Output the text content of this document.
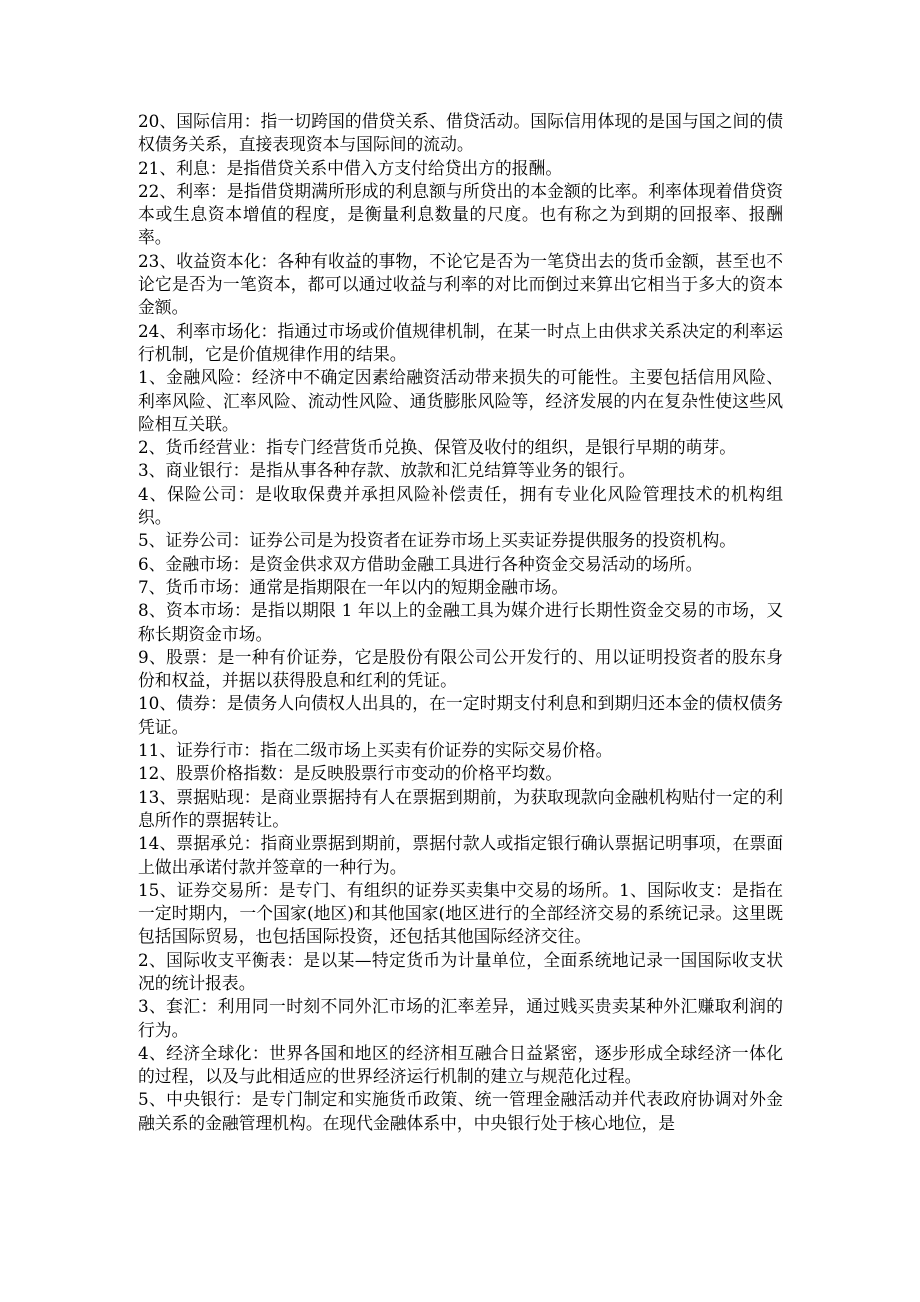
20、国际信用：指一切跨国的借贷关系、借贷活动。国际信用体现的是国与国之间的债权债务关系，直接表现资本与国际间的流动。

21、利息：是指借贷关系中借入方支付给贷出方的报酬。

22、利率：是指借贷期满所形成的利息额与所贷出的本金额的比率。利率体现着借贷资本或生息资本增值的程度，是衡量利息数量的尺度。也有称之为到期的回报率、报酬率。

23、收益资本化：各种有收益的事物，不论它是否为一笔贷出去的货币金额，甚至也不论它是否为一笔资本，都可以通过收益与利率的对比而倒过来算出它相当于多大的资本金额。

24、利率市场化：指通过市场或价值规律机制，在某一时点上由供求关系决定的利率运行机制，它是价值规律作用的结果。

1、金融风险：经济中不确定因素给融资活动带来损失的可能性。主要包括信用风险、利率风险、汇率风险、流动性风险、通货膨胀风险等，经济发展的内在复杂性使这些风险相互关联。

2、货币经营业：指专门经营货币兑换、保管及收付的组织，是银行早期的萌芽。

3、商业银行：是指从事各种存款、放款和汇兑结算等业务的银行。

4、保险公司：是收取保费并承担风险补偿责任，拥有专业化风险管理技术的机构组织。

5、证券公司：证券公司是为投资者在证券市场上买卖证券提供服务的投资机构。

6、金融市场：是资金供求双方借助金融工具进行各种资金交易活动的场所。

7、货币市场：通常是指期限在一年以内的短期金融市场。

8、资本市场：是指以期限 1 年以上的金融工具为媒介进行长期性资金交易的市场，又称长期资金市场。

9、股票：是一种有价证券，它是股份有限公司公开发行的、用以证明投资者的股东身份和权益，并据以获得股息和红利的凭证。

10、债券：是债务人向债权人出具的，在一定时期支付利息和到期归还本金的债权债务凭证。

11、证券行市：指在二级市场上买卖有价证券的实际交易价格。

12、股票价格指数：是反映股票行市变动的价格平均数。

13、票据贴现：是商业票据持有人在票据到期前，为获取现款向金融机构贴付一定的利息所作的票据转让。

14、票据承兑：指商业票据到期前，票据付款人或指定银行确认票据记明事项，在票面上做出承诺付款并签章的一种行为。

15、证券交易所：是专门、有组织的证券买卖集中交易的场所。1、国际收支：是指在一定时期内，一个国家(地区)和其他国家(地区进行的全部经济交易的系统记录。这里既包括国际贸易，也包括国际投资，还包括其他国际经济交往。

2、国际收支平衡表：是以某—特定货币为计量单位，全面系统地记录一国国际收支状况的统计报表。

3、套汇：利用同一时刻不同外汇市场的汇率差异，通过贱买贵卖某种外汇赚取利润的行为。

4、经济全球化：世界各国和地区的经济相互融合日益紧密，逐步形成全球经济一体化的过程，以及与此相适应的世界经济运行机制的建立与规范化过程。

5、中央银行：是专门制定和实施货币政策、统一管理金融活动并代表政府协调对外金融关系的金融管理机构。在现代金融体系中，中央银行处于核心地位，是
